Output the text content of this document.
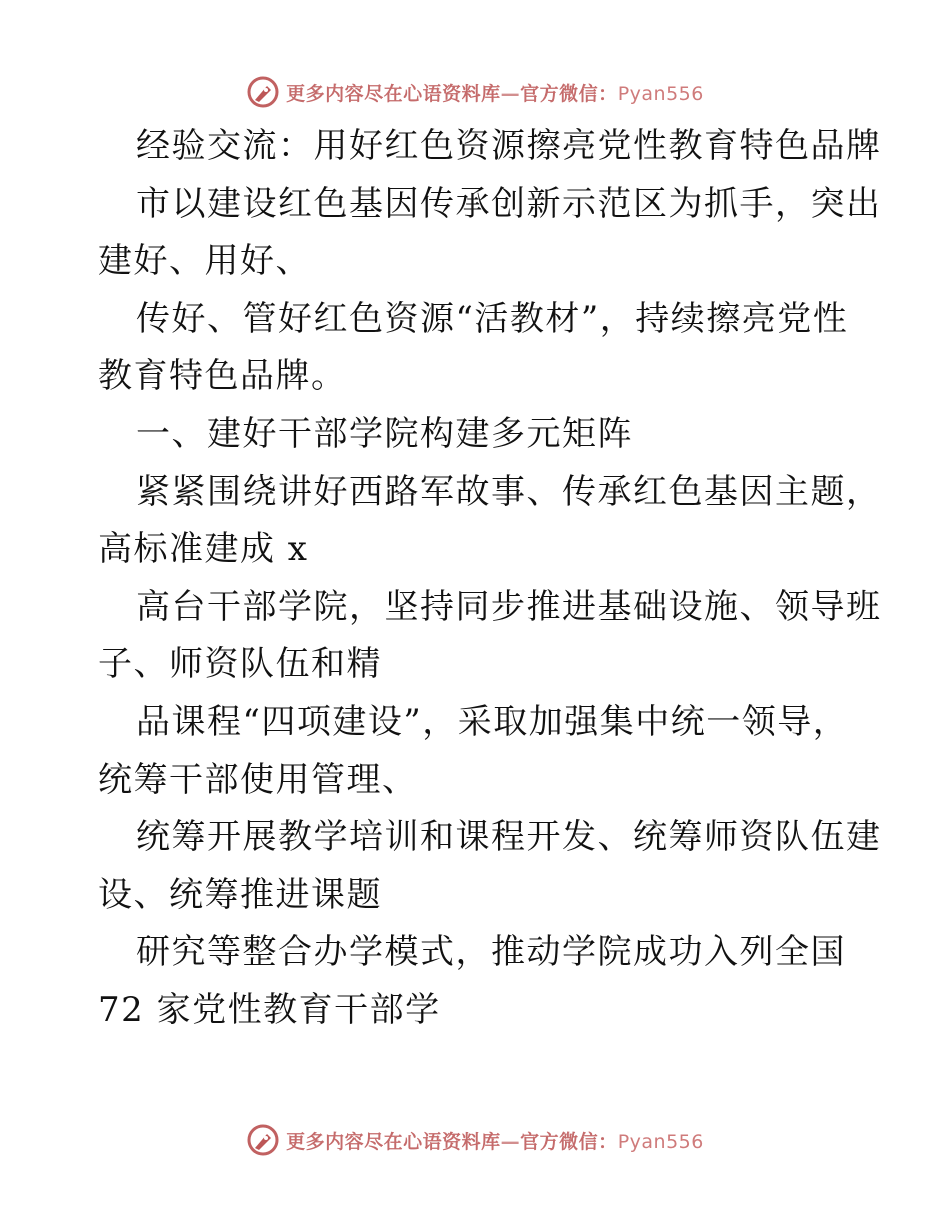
更多内容尽在心语资料库—官方微信：Pyan556
经验交流：用好红色资源擦亮党性教育特色品牌
市以建设红色基因传承创新示范区为抓手，突出
建好、用好、
传好、管好红色资源“活教材”，持续擦亮党性
教育特色品牌。
一、建好干部学院构建多元矩阵
紧紧围绕讲好西路军故事、传承红色基因主题，
高标准建成 x
高台干部学院，坚持同步推进基础设施、领导班
子、师资队伍和精
品课程“四项建设”，采取加强集中统一领导，
统筹干部使用管理、
统筹开展教学培训和课程开发、统筹师资队伍建
设、统筹推进课题
研究等整合办学模式，推动学院成功入列全国
72 家党性教育干部学
更多内容尽在心语资料库—官方微信：Pyan556
